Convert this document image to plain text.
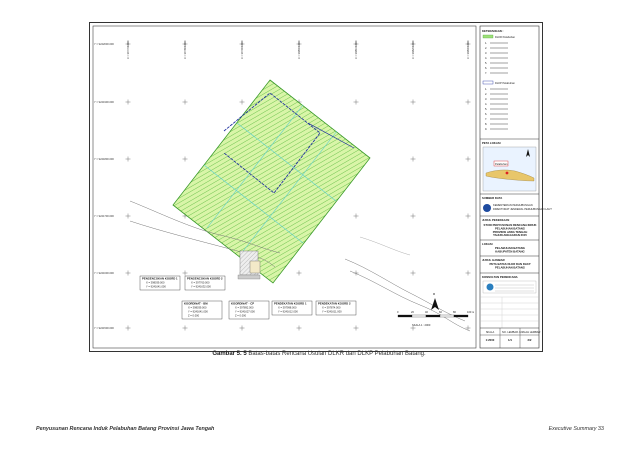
Y = 9242000.000
Y = 9241900.000
Y = 9241800.000
Y = 9241700.000
Y = 9241600.000
Y = 9241500.000
X = 397700.000	X = 397800.000	X = 397900.000	X = 398000.000	X = 398100.000	X = 398200.000	X = 398300.000
PENGENCOKAN KOORD 1
X = 398039.000
Y = 9241641.000
PENGENCOKAN KOORD 2
X = 397760.000
Y = 9241632.000
KOORDINAT - BM
X = 398039.000
Y = 9241641.000
Z = 0.000
KOORDINAT - CP
X = 397892.000
Y = 9241627.000
Z = 0.000
PENDEKATAN KOORD 1
X = 397998.000
Y = 9241612.000
PENDEKATAN KOORD 2
X = 397874.000
Y = 9241611.000
U
0	20	40	60	80	100 m
SKALA 1 : 2000
KETERANGAN :
DLKR Pelabuhan
1.
2.
3.
4.
5.
6.
7.
DLKP Pelabuhan
1.
2.
3.
4.
5.
6.
7.
8.
9.
PETA LOKASI
Pelabuhan
SUMBER DATA
KEMENTERIAN PERHUBUNGAN
DIREKTORAT JENDERAL PERHUBUNGAN LAUT
JUDUL PEKERJAAN
STUDI PENYUSUNAN RENCANA INDUK
PELABUHAN BATANG
PROVINSI JAWA TENGAH
TAHUN ANGGARAN 2015
LOKASI
PELABUHAN BATANG
KABUPATEN BATANG
JUDUL GAMBAR
PETA BATAS DLKR DAN DLKP
PELABUHAN BATANG
KONSULTAN PERENCANA
SKALA
1:2000
NO. LEMBAR
1/1
JUMLAH LEMBAR
2/2
Gambar 5. 5 Batas-batas Rencana Usulan DLKR dan DLKP Pelabuhan Batang.
Penyusunan Rencana Induk Pelabuhan Batang Provinsi Jawa Tengah	Executive Summary 33
